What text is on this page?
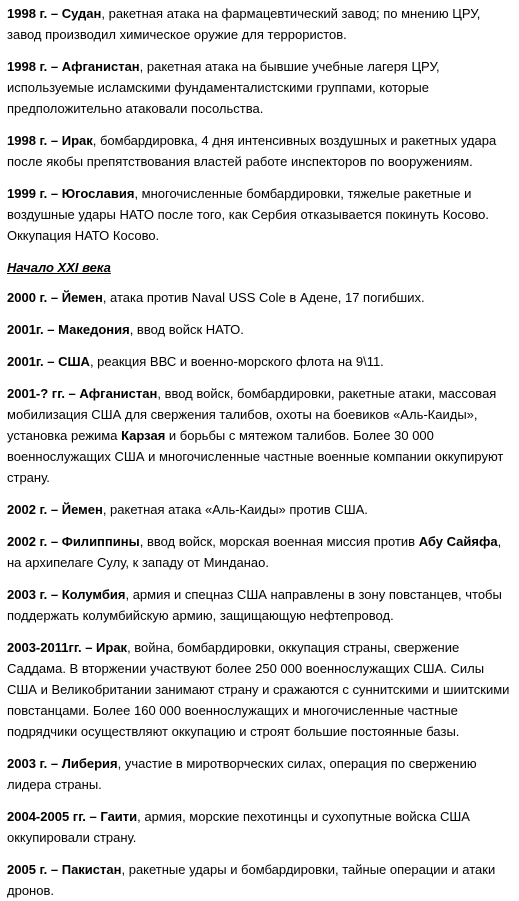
1998 г. – Судан, ракетная атака на фармацевтический завод; по мнению ЦРУ, завод производил химическое оружие для террористов.
1998 г. – Афганистан, ракетная атака на бывшие учебные лагеря ЦРУ, используемые исламскими фундаменталистскими группами, которые предположительно атаковали посольства.
1998 г. – Ирак, бомбардировка, 4 дня интенсивных воздушных и ракетных удара после якобы препятствования властей работе инспекторов по вооружениям.
1999 г. – Югославия, многочисленные бомбардировки, тяжелые ракетные и воздушные удары НАТО после того, как Сербия отказывается покинуть Косово. Оккупация НАТО Косово.
Начало XXI века
2000 г. – Йемен, атака против Naval USS Cole в Адене, 17 погибших.
2001г. – Македония, ввод войск НАТО.
2001г. – США, реакция ВВС и военно-морского флота на 9\11.
2001-? гг. – Афганистан, ввод войск, бомбардировки, ракетные атаки, массовая мобилизация США для свержения талибов, охоты на боевиков «Аль-Каиды», установка режима Карзая и борьбы с мятежом талибов. Более 30 000 военнослужащих США и многочисленные частные военные компании оккупируют страну.
2002 г. – Йемен, ракетная атака «Аль-Каиды» против США.
2002 г. – Филиппины, ввод войск, морская военная миссия против Абу Сайяфа, на архипелаге Сулу, к западу от Минданао.
2003 г. – Колумбия, армия и спецназ США направлены в зону повстанцев, чтобы поддержать колумбийскую армию, защищающую нефтепровод.
2003-2011гг. – Ирак, война, бомбардировки, оккупация страны, свержение Саддама. В вторжении участвуют более 250 000 военнослужащих США. Силы США и Великобритании занимают страну и сражаются с суннитскими и шиитскими повстанцами. Более 160 000 военнослужащих и многочисленные частные подрядчики осуществляют оккупацию и строят большие постоянные базы.
2003 г. – Либерия, участие в миротворческих силах, операция по свержению лидера страны.
2004-2005 гг. – Гаити, армия, морские пехотинцы и сухопутные войска США оккупировали страну.
2005 г. – Пакистан, ракетные удары и бомбардировки, тайные операции и атаки дронов.
